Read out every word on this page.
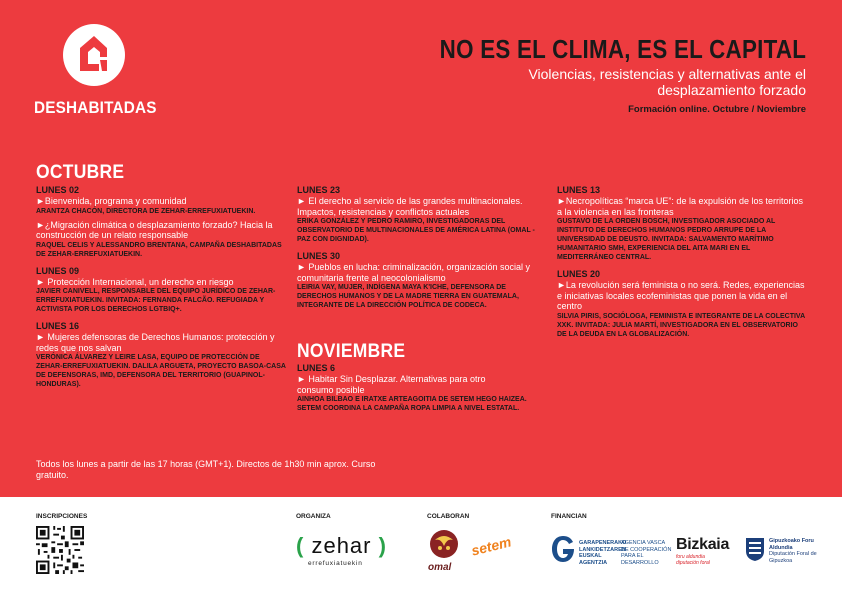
DESHABITADAS
NO ES EL CLIMA, ES EL CAPITAL
Violencias, resistencias y alternativas ante el desplazamiento forzado
Formación online. Octubre / Noviembre
OCTUBRE
LUNES 02
►Bienvenida, programa y comunidad
ARANTZA CHACÓN, DIRECTORA DE ZEHAR-ERREFUXIATUEKIN.
►¿Migración climática o desplazamiento forzado? Hacia la construcción de un relato responsable
RAQUEL CELIS Y ALESSANDRO BRENTANA, CAMPAÑA DESHABITADAS DE ZEHAR-ERREFUXIATUEKIN.
LUNES 09
► Protección Internacional, un derecho en riesgo
JAVIER CANIVELL, RESPONSABLE DEL EQUIPO JURÍDICO DE ZEHAR-ERREFUXIATUEKIN. INVITADA: FERNANDA FALCÃO. REFUGIADA Y ACTIVISTA POR LOS DERECHOS LGTBIQ+.
LUNES 16
► Mujeres defensoras de Derechos Humanos: protección y redes que nos salvan
VERÓNICA ÁLVAREZ Y LEIRE LASA, EQUIPO DE PROTECCIÓN DE ZEHAR-ERREFUXIATUEKIN. DALILA ARGUETA, PROYECTO BASOA-CASA DE DEFENSORAS, IMD, DEFENSORA DEL TERRITORIO (GUAPINOL-HONDURAS).
LUNES 23
► El derecho al servicio de las grandes multinacionales. Impactos, resistencias y conflictos actuales
ERIKA GONZÁLEZ Y PEDRO RAMIRO, INVESTIGADORAS DEL OBSERVATORIO DE MULTINACIONALES DE AMÉRICA LATINA (OMAL - PAZ CON DIGNIDAD).
LUNES 30
► Pueblos en lucha: criminalización, organización social y comunitaria frente al neocolonialismo
LEIRIA VAY, MUJER, INDÍGENA MAYA K'ICHE, DEFENSORA DE DERECHOS HUMANOS Y DE LA MADRE TIERRA EN GUATEMALA, INTEGRANTE DE LA DIRECCIÓN POLÍTICA DE CODECA.
NOVIEMBRE
LUNES 6
► Habitar Sin Desplazar. Alternativas para otro consumo posible
AINHOA BILBAO E IRATXE ARTEAGOITIA DE SETEM HEGO HAIZEA. SETEM COORDINA LA CAMPAÑA ROPA LIMPIA A NIVEL ESTATAL.
LUNES 13
►Necropolíticas “marca UE”: de la expulsión de los territorios a la violencia en las fronteras
GUSTAVO DE LA ORDEN BOSCH, INVESTIGADOR ASOCIADO AL INSTITUTO DE DERECHOS HUMANOS PEDRO ARRUPE DE LA UNIVERSIDAD DE DEUSTO. INVITADA: SALVAMENTO MARÍTIMO HUMANITARIO SMH, EXPERIENCIA DEL AITA MARI EN EL MEDITERRÁNEO CENTRAL.
LUNES 20
►La revolución será feminista o no será. Redes, experiencias e iniciativas locales ecofeministas que ponen la vida en el centro
SILVIA PIRIS, SOCIÓLOGA, FEMINISTA E INTEGRANTE DE LA COLECTIVA XXK. INVITADA: JULIA MARTÍ, INVESTIGADORA EN EL OBSERVATORIO DE LA DEUDA EN LA GLOBALIZACIÓN.
Todos los lunes a partir de las 17 horas (GMT+1). Directos de 1h30 min aprox. Curso gratuito.
INSCRIPCIONES	ORGANIZA	COLABORAN	FINANCIAN
( zehar )
errefuxiatuekin	omal
setem	GARAPENERAKO LANKIDETZAREN EUSKAL AGENTZIA
AGENCIA VASCA DE COOPERACIÓN PARA EL DESARROLLO
Bizkaia
foru aldundia diputación foral
Gipuzkoako Foru Aldundia
Diputación Foral de Gipuzkoa
